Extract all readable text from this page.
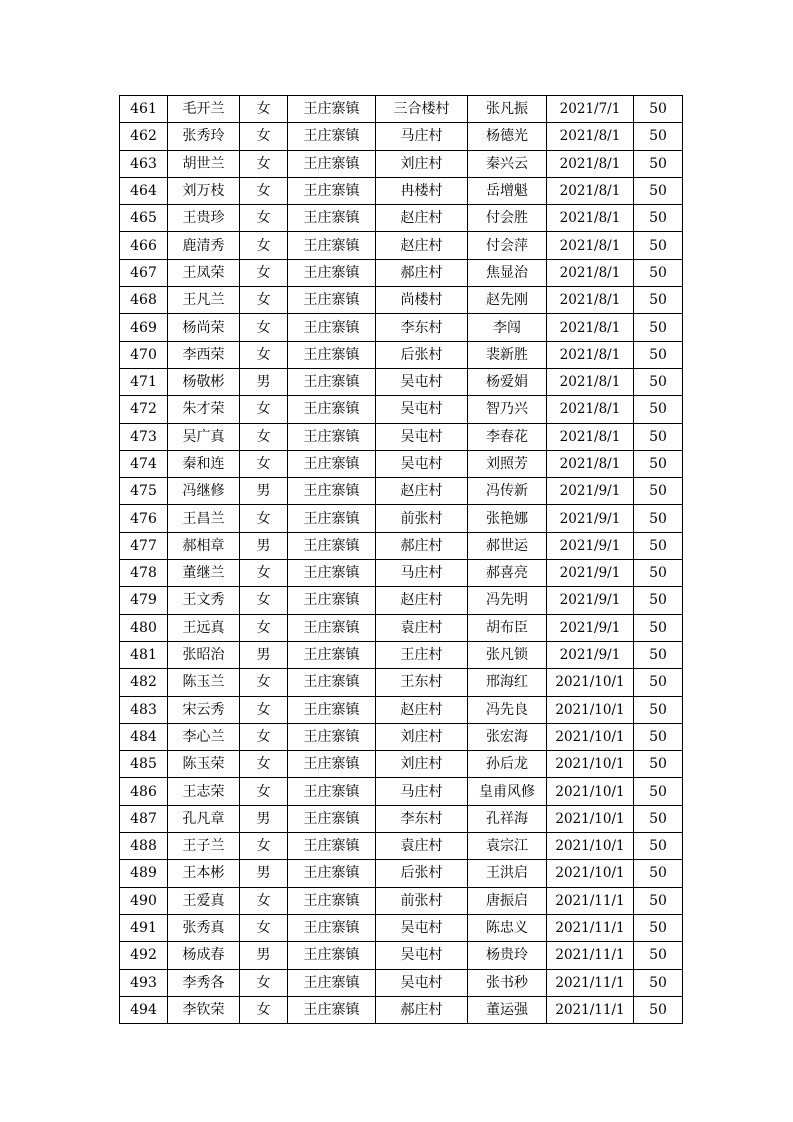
461	毛开兰	女	王庄寨镇	三合楼村	张凡振	2021/7/1	50
462	张秀玲	女	王庄寨镇	马庄村	杨德光	2021/8/1	50
463	胡世兰	女	王庄寨镇	刘庄村	秦兴云	2021/8/1	50
464	刘万枝	女	王庄寨镇	冉楼村	岳增魁	2021/8/1	50
465	王贵珍	女	王庄寨镇	赵庄村	付会胜	2021/8/1	50
466	鹿清秀	女	王庄寨镇	赵庄村	付会萍	2021/8/1	50
467	王凤荣	女	王庄寨镇	郝庄村	焦显治	2021/8/1	50
468	王凡兰	女	王庄寨镇	尚楼村	赵先刚	2021/8/1	50
469	杨尚荣	女	王庄寨镇	李东村	李闯	2021/8/1	50
470	李西荣	女	王庄寨镇	后张村	裴新胜	2021/8/1	50
471	杨敬彬	男	王庄寨镇	吴屯村	杨爱娟	2021/8/1	50
472	朱才荣	女	王庄寨镇	吴屯村	智乃兴	2021/8/1	50
473	吴广真	女	王庄寨镇	吴屯村	李春花	2021/8/1	50
474	秦和连	女	王庄寨镇	吴屯村	刘照芳	2021/8/1	50
475	冯继修	男	王庄寨镇	赵庄村	冯传新	2021/9/1	50
476	王昌兰	女	王庄寨镇	前张村	张艳娜	2021/9/1	50
477	郝相章	男	王庄寨镇	郝庄村	郝世运	2021/9/1	50
478	董继兰	女	王庄寨镇	马庄村	郝喜亮	2021/9/1	50
479	王文秀	女	王庄寨镇	赵庄村	冯先明	2021/9/1	50
480	王远真	女	王庄寨镇	袁庄村	胡布臣	2021/9/1	50
481	张昭治	男	王庄寨镇	王庄村	张凡锁	2021/9/1	50
482	陈玉兰	女	王庄寨镇	王东村	邢海红	2021/10/1	50
483	宋云秀	女	王庄寨镇	赵庄村	冯先良	2021/10/1	50
484	李心兰	女	王庄寨镇	刘庄村	张宏海	2021/10/1	50
485	陈玉荣	女	王庄寨镇	刘庄村	孙后龙	2021/10/1	50
486	王志荣	女	王庄寨镇	马庄村	皇甫风修	2021/10/1	50
487	孔凡章	男	王庄寨镇	李东村	孔祥海	2021/10/1	50
488	王子兰	女	王庄寨镇	袁庄村	袁宗江	2021/10/1	50
489	王本彬	男	王庄寨镇	后张村	王洪启	2021/10/1	50
490	王爱真	女	王庄寨镇	前张村	唐振启	2021/11/1	50
491	张秀真	女	王庄寨镇	吴屯村	陈忠义	2021/11/1	50
492	杨成春	男	王庄寨镇	吴屯村	杨贵玲	2021/11/1	50
493	李秀各	女	王庄寨镇	吴屯村	张书秒	2021/11/1	50
494	李钦荣	女	王庄寨镇	郝庄村	董运强	2021/11/1	50
